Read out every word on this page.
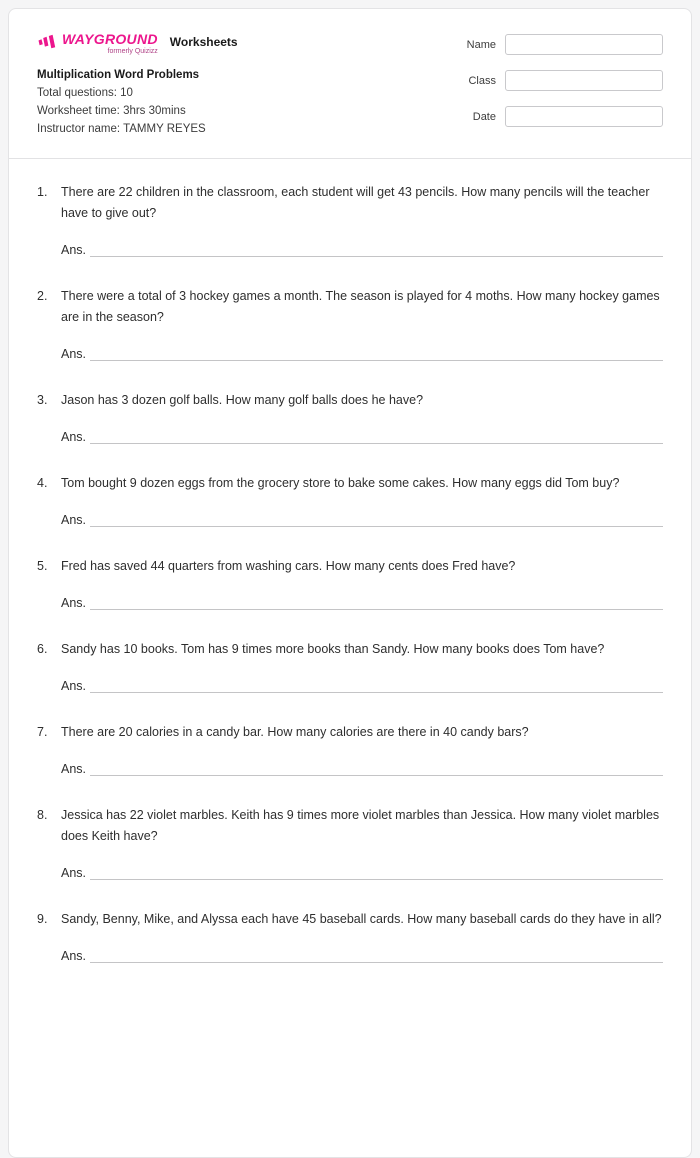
WAYGROUND
formerly Quizizz
Worksheets
Multiplication Word Problems
Total questions: 10
Worksheet time: 3hrs 30mins
Instructor name: TAMMY REYES
Name
Class
Date
1.	There are 22 children in the classroom, each student will get 43 pencils. How many pencils will the teacher have to give out?
Ans.
2.	There were a total of 3 hockey games a month. The season is played for 4 moths. How many hockey games are in the season?
Ans.
3.	Jason has 3 dozen golf balls. How many golf balls does he have?
Ans.
4.	Tom bought 9 dozen eggs from the grocery store to bake some cakes. How many eggs did Tom buy?
Ans.
5.	Fred has saved 44 quarters from washing cars. How many cents does Fred have?
Ans.
6.	Sandy has 10 books. Tom has 9 times more books than Sandy. How many books does Tom have?
Ans.
7.	There are 20 calories in a candy bar. How many calories are there in 40 candy bars?
Ans.
8.	Jessica has 22 violet marbles. Keith has 9 times more violet marbles than Jessica. How many violet marbles does Keith have?
Ans.
9.	Sandy, Benny, Mike, and Alyssa each have 45 baseball cards. How many baseball cards do they have in all?
Ans.
